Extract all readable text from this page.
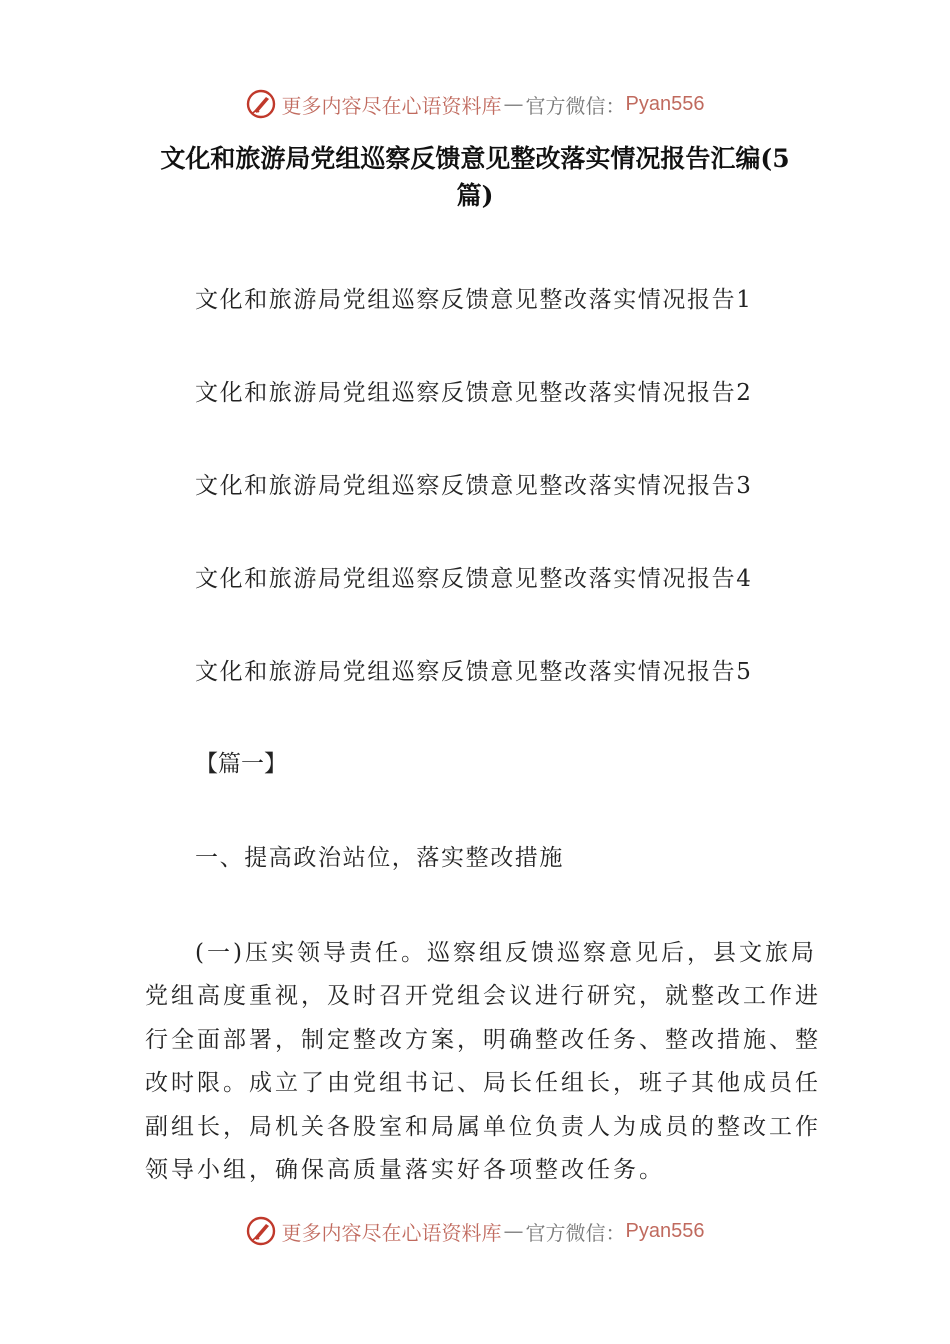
更多内容尽在心语资料库 — 官方微信： Pyan556
文化和旅游局党组巡察反馈意见整改落实情况报告汇编(5篇)
文化和旅游局党组巡察反馈意见整改落实情况报告1
文化和旅游局党组巡察反馈意见整改落实情况报告2
文化和旅游局党组巡察反馈意见整改落实情况报告3
文化和旅游局党组巡察反馈意见整改落实情况报告4
文化和旅游局党组巡察反馈意见整改落实情况报告5
【篇一】
一、提高政治站位，落实整改措施
(一)压实领导责任。巡察组反馈巡察意见后，县文旅局
党组高度重视，及时召开党组会议进行研究，就整改工作进
行全面部署，制定整改方案，明确整改任务、整改措施、整
改时限。成立了由党组书记、局长任组长，班子其他成员任
副组长，局机关各股室和局属单位负责人为成员的整改工作
领导小组，确保高质量落实好各项整改任务。
更多内容尽在心语资料库 — 官方微信： Pyan556
